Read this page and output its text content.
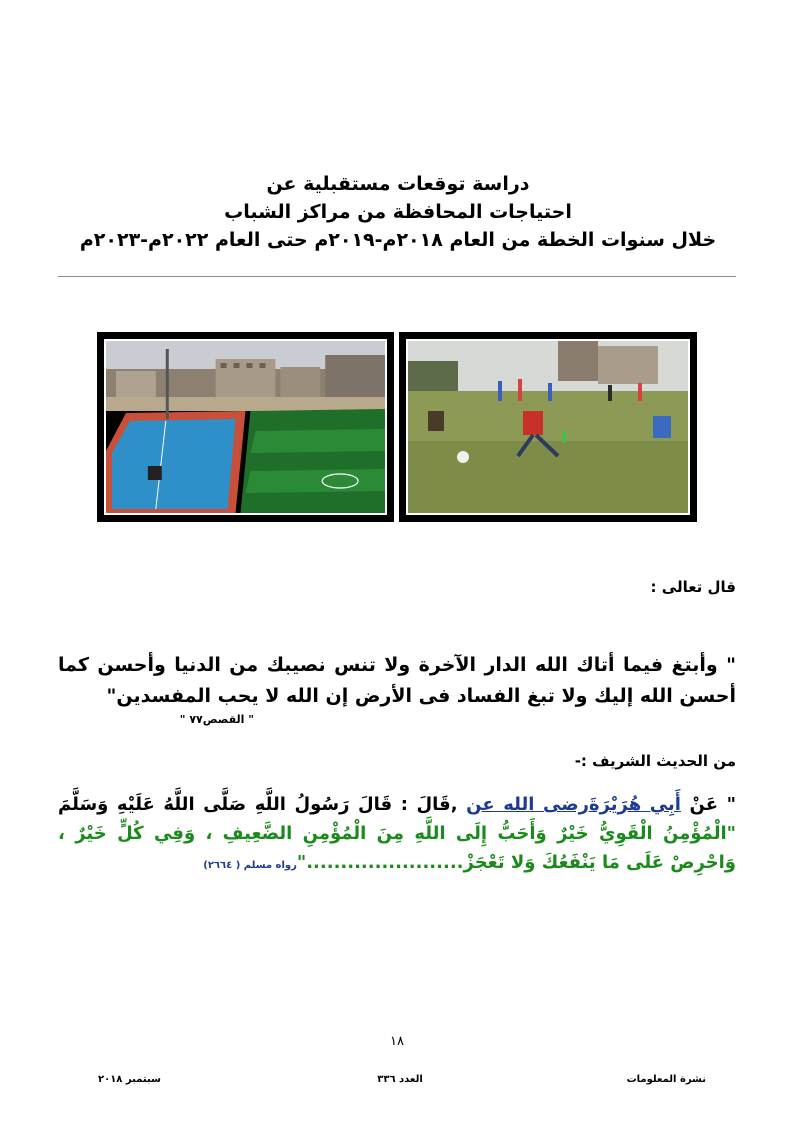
دراسة توقعات مستقبلية عن
احتياجات المحافظة من مراكز الشباب
خلال سنوات الخطة من العام ٢٠١٨م-٢٠١٩م حتى العام ٢٠٢٢م-٢٠٢٣م
قال تعالى :
" وأبتغ فيما أتاك الله الدار الآخرة ولا تنس نصيبك من الدنيا وأحسن كما أحسن الله إليك ولا تبغ الفساد فى الأرض إن الله لا يحب المفسدين"
" القصص٧٧ "
من الحديث الشريف :-
" عَنْ أَبِي هُرَيْرَةَرضى الله عن ,قَالَ : قَالَ رَسُولُ اللَّهِ صَلَّى اللَّهُ عَلَيْهِ وَسَلَّمَ "الْمُؤْمِنُ الْقَوِيُّ خَيْرٌ وَأَحَبُّ إِلَى اللَّهِ مِنَ الْمُؤْمِنِ الضَّعِيفِ ، وَفِي كُلٍّ خَيْرٌ ، وَاحْرِصْ عَلَى مَا يَنْفَعُكَ وَلا تَعْجَزْ......................."رواه مسلم ( ٢٦٦٤)
١٨
نشرة المعلومات
العدد ٣٣٦
سبتمبر ٢٠١٨
